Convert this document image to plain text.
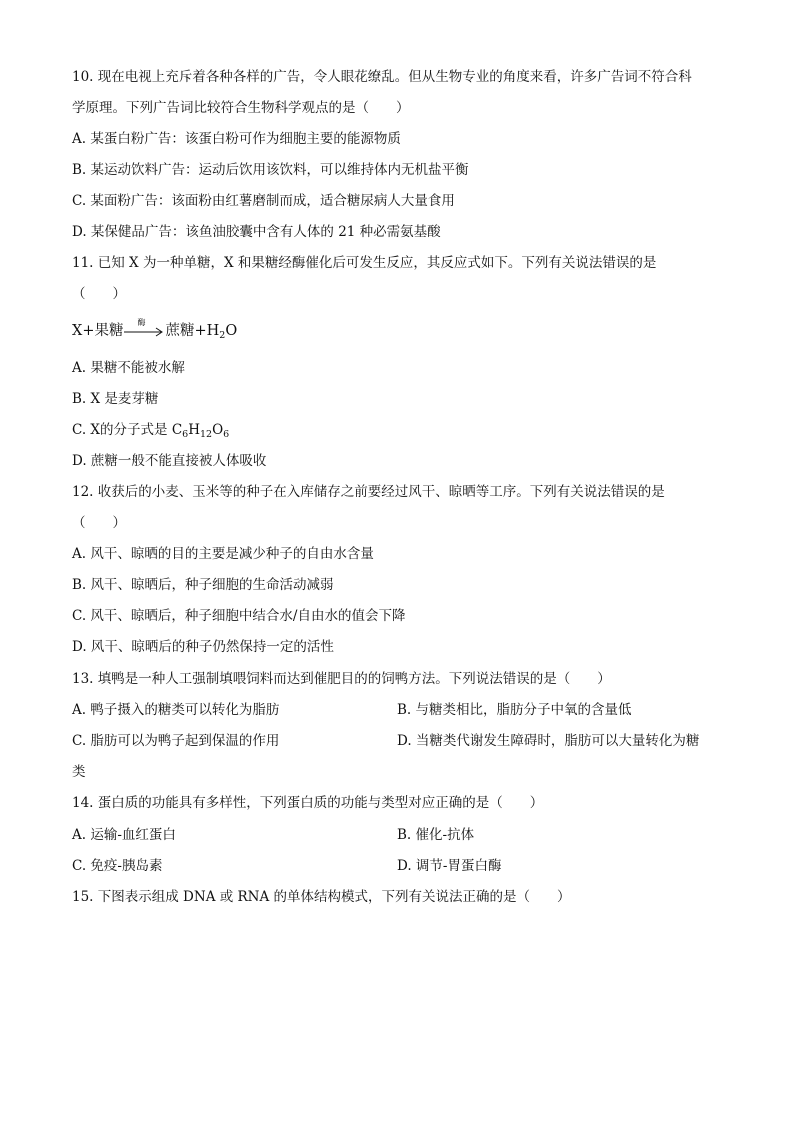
10. 现在电视上充斥着各种各样的广告，令人眼花缭乱。但从生物专业的角度来看，许多广告词不符合科
学原理。下列广告词比较符合生物科学观点的是（　　）
A. 某蛋白粉广告：该蛋白粉可作为细胞主要的能源物质
B. 某运动饮料广告：运动后饮用该饮料，可以维持体内无机盐平衡
C. 某面粉广告：该面粉由红薯磨制而成，适合糖尿病人大量食用
D. 某保健品广告：该鱼油胶囊中含有人体的 21 种必需氨基酸
11. 已知 X 为一种单糖，X 和果糖经酶催化后可发生反应，其反应式如下。下列有关说法错误的是
（　　）
X+果糖
酶
蔗糖$+H_2O$
A. 果糖不能被水解
B. X 是麦芽糖
C. X的分子式是 $C_6H_{12}O_6$
D. 蔗糖一般不能直接被人体吸收
12. 收获后的小麦、玉米等的种子在入库储存之前要经过风干、晾晒等工序。下列有关说法错误的是
（　　）
A. 风干、晾晒的目的主要是减少种子的自由水含量
B. 风干、晾晒后，种子细胞的生命活动减弱
C. 风干、晾晒后，种子细胞中结合水/自由水的值会下降
D. 风干、晾晒后的种子仍然保持一定的活性
13. 填鸭是一种人工强制填喂饲料而达到催肥目的的饲鸭方法。下列说法错误的是（　　）
A. 鸭子摄入的糖类可以转化为脂肪	B. 与糖类相比，脂肪分子中氧的含量低
C. 脂肪可以为鸭子起到保温的作用	D. 当糖类代谢发生障碍时，脂肪可以大量转化为糖
类
14. 蛋白质的功能具有多样性，下列蛋白质的功能与类型对应正确的是（　　）
A. 运输-血红蛋白	B. 催化-抗体
C. 免疫-胰岛素	D. 调节-胃蛋白酶
15. 下图表示组成 DNA 或 RNA 的单体结构模式，下列有关说法正确的是（　　）
